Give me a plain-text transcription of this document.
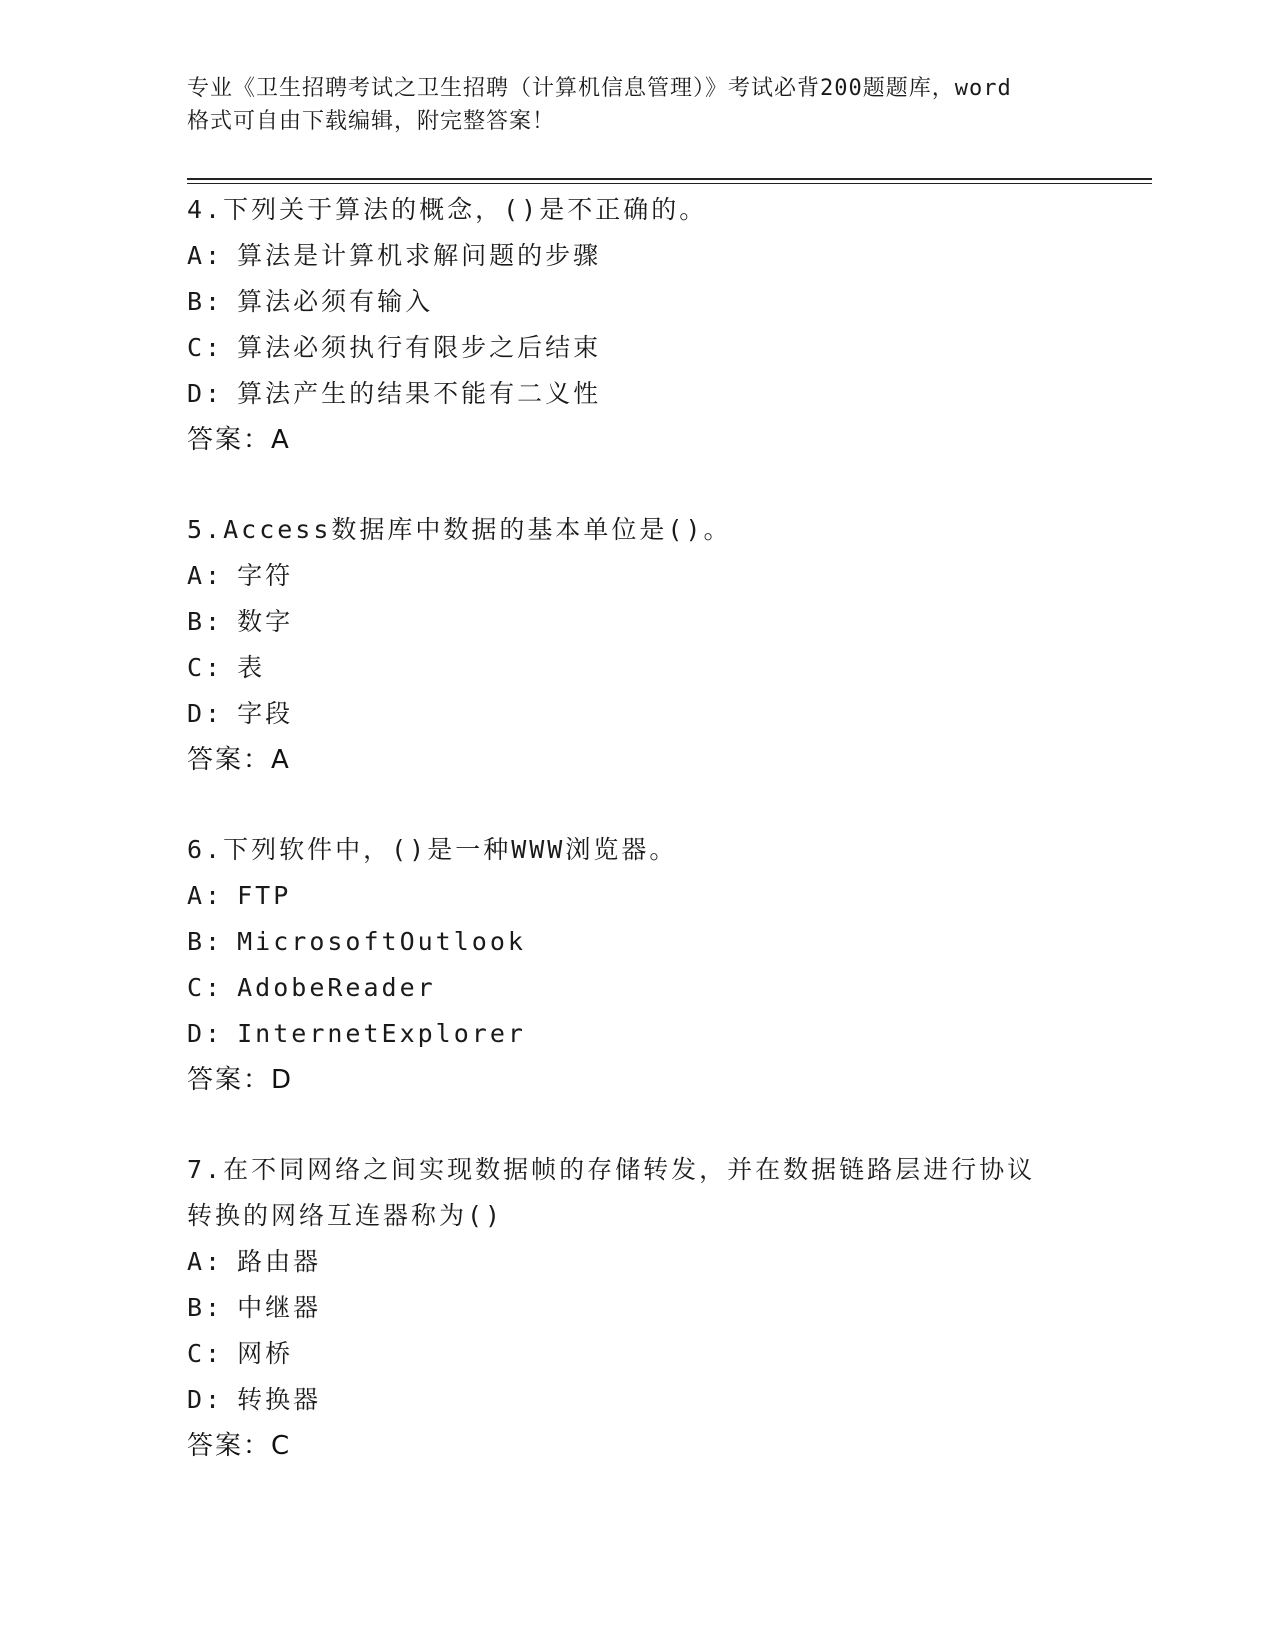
专业《卫生招聘考试之卫生招聘（计算机信息管理）》考试必背200题题库，word
格式可自由下载编辑，附完整答案！

4.下列关于算法的概念，()是不正确的。

A: 算法是计算机求解问题的步骤

B: 算法必须有输入

C: 算法必须执行有限步之后结束

D: 算法产生的结果不能有二义性

答案：A

5.Access数据库中数据的基本单位是()。

A: 字符

B: 数字

C: 表

D: 字段

答案：A

6.下列软件中，()是一种WWW浏览器。

A: FTP

B: MicrosoftOutlook

C: AdobeReader

D: InternetExplorer

答案：D

7.在不同网络之间实现数据帧的存储转发，并在数据链路层进行协议

转换的网络互连器称为()

A: 路由器

B: 中继器

C: 网桥

D: 转换器

答案：C
